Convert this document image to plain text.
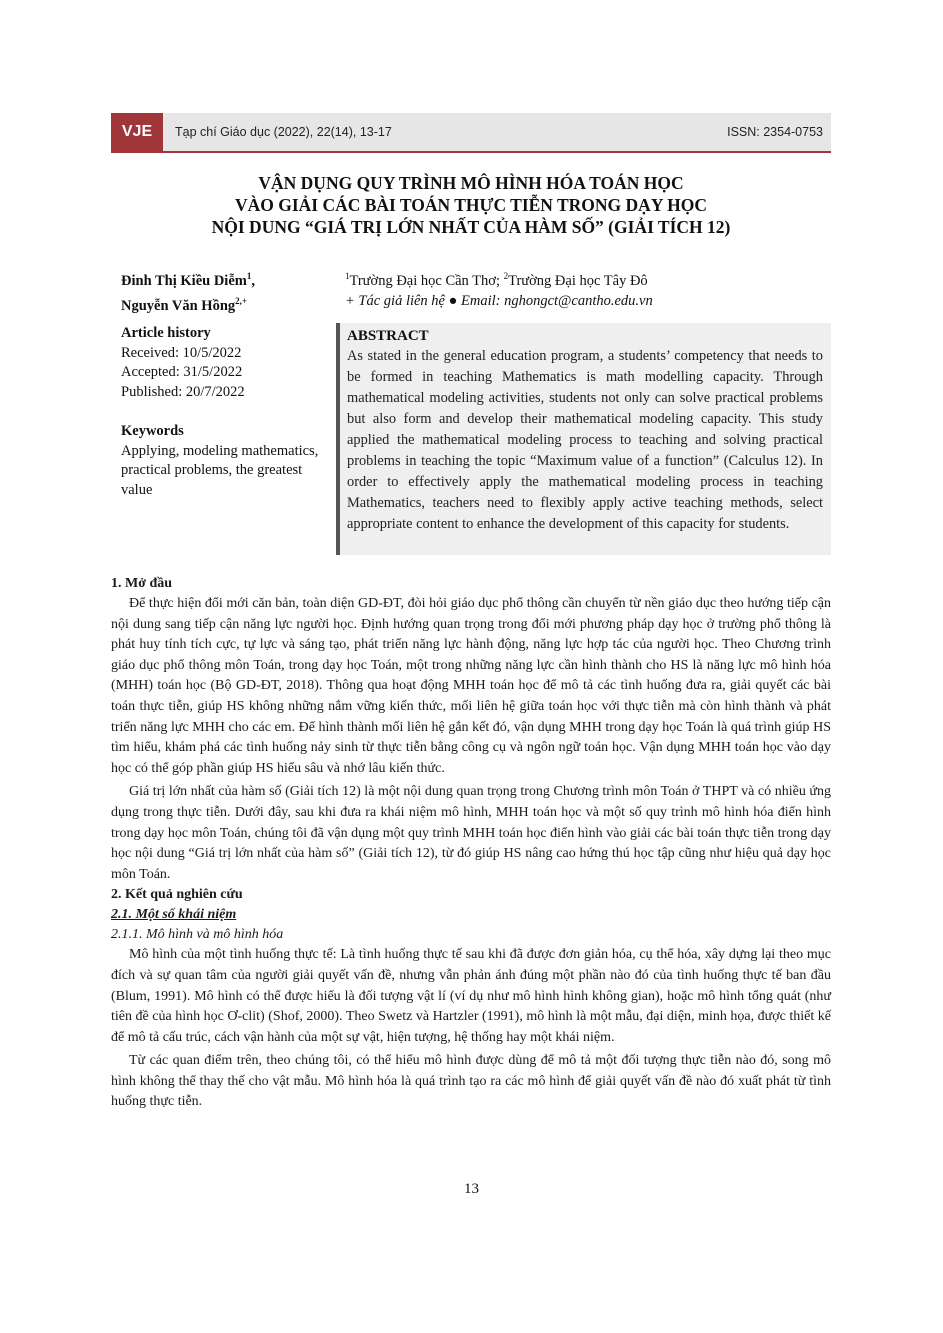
VJE	Tạp chí Giáo dục (2022), 22(14), 13-17	ISSN: 2354-0753
VẬN DỤNG QUY TRÌNH MÔ HÌNH HÓA TOÁN HỌC
VÀO GIẢI CÁC BÀI TOÁN THỰC TIỄN TRONG DẠY HỌC
NỘI DUNG “GIÁ TRỊ LỚN NHẤT CỦA HÀM SỐ” (GIẢI TÍCH 12)
Đinh Thị Kiều Diễm$^1$,
Nguyễn Văn Hồng$^{2,+}$
$^1$Trường Đại học Cần Thơ; $^2$Trường Đại học Tây Đô
+ Tác giả liên hệ ● Email: nghongct@cantho.edu.vn
Article history

Received: 10/5/2022

Accepted: 31/5/2022

Published: 20/7/2022

Keywords

Applying, modeling mathematics, practical problems, the greatest value

ABSTRACT

As stated in the general education program, a students’ competency that needs to be formed in teaching Mathematics is math modelling capacity. Through mathematical modeling activities, students not only can solve practical problems but also form and develop their mathematical modeling capacity. This study applied the mathematical modeling process to teaching and solving practical problems in teaching the topic “Maximum value of a function” (Calculus 12). In order to effectively apply the mathematical modeling process in teaching Mathematics, teachers need to flexibly apply active teaching methods, select appropriate content to enhance the development of this capacity for students.

1. Mở đầu

Để thực hiện đổi mới căn bản, toàn diện GD-ĐT, đòi hỏi giáo dục phổ thông cần chuyển từ nền giáo dục theo hướng tiếp cận nội dung sang tiếp cận năng lực người học. Định hướng quan trọng trong đổi mới phương pháp dạy học ở trường phổ thông là phát huy tính tích cực, tự lực và sáng tạo, phát triển năng lực hành động, năng lực hợp tác của người học. Theo Chương trình giáo dục phổ thông môn Toán, trong dạy học Toán, một trong những năng lực cần hình thành cho HS là năng lực mô hình hóa (MHH) toán học (Bộ GD-ĐT, 2018). Thông qua hoạt động MHH toán học để mô tả các tình huống đưa ra, giải quyết các bài toán thực tiễn, giúp HS không những nắm vững kiến thức, mối liên hệ giữa toán học với thực tiễn mà còn hình thành và phát triển năng lực MHH cho các em. Để hình thành mối liên hệ gắn kết đó, vận dụng MHH trong dạy học Toán là quá trình giúp HS tìm hiểu, khám phá các tình huống nảy sinh từ thực tiễn bằng công cụ và ngôn ngữ toán học. Vận dụng MHH toán học vào dạy học có thể góp phần giúp HS hiểu sâu và nhớ lâu kiến thức.

Giá trị lớn nhất của hàm số (Giải tích 12) là một nội dung quan trọng trong Chương trình môn Toán ở THPT và có nhiều ứng dụng trong thực tiễn. Dưới đây, sau khi đưa ra khái niệm mô hình, MHH toán học và một số quy trình mô hình hóa điển hình trong dạy học môn Toán, chúng tôi đã vận dụng một quy trình MHH toán học điển hình vào giải các bài toán thực tiễn trong dạy học nội dung “Giá trị lớn nhất của hàm số” (Giải tích 12), từ đó giúp HS nâng cao hứng thú học tập cũng như hiệu quả dạy học môn Toán.

2. Kết quả nghiên cứu
2.1. Một số khái niệm
2.1.1. Mô hình và mô hình hóa

Mô hình của một tình huống thực tế: Là tình huống thực tế sau khi đã được đơn giản hóa, cụ thể hóa, xây dựng lại theo mục đích và sự quan tâm của người giải quyết vấn đề, nhưng vẫn phản ánh đúng một phần nào đó của tình huống thực tế ban đầu (Blum, 1991). Mô hình có thể được hiểu là đối tượng vật lí (ví dụ như mô hình hình không gian), hoặc mô hình tổng quát (như tiên đề của hình học Ơ-clit) (Shof, 2000). Theo Swetz và Hartzler (1991), mô hình là một mẫu, đại diện, minh họa, được thiết kế để mô tả cấu trúc, cách vận hành của một sự vật, hiện tượng, hệ thống hay một khái niệm.

Từ các quan điểm trên, theo chúng tôi, có thể hiểu mô hình được dùng để mô tả một đối tượng thực tiễn nào đó, song mô hình không thể thay thế cho vật mẫu. Mô hình hóa là quá trình tạo ra các mô hình để giải quyết vấn đề nào đó xuất phát từ tình huống thực tiễn.

13
